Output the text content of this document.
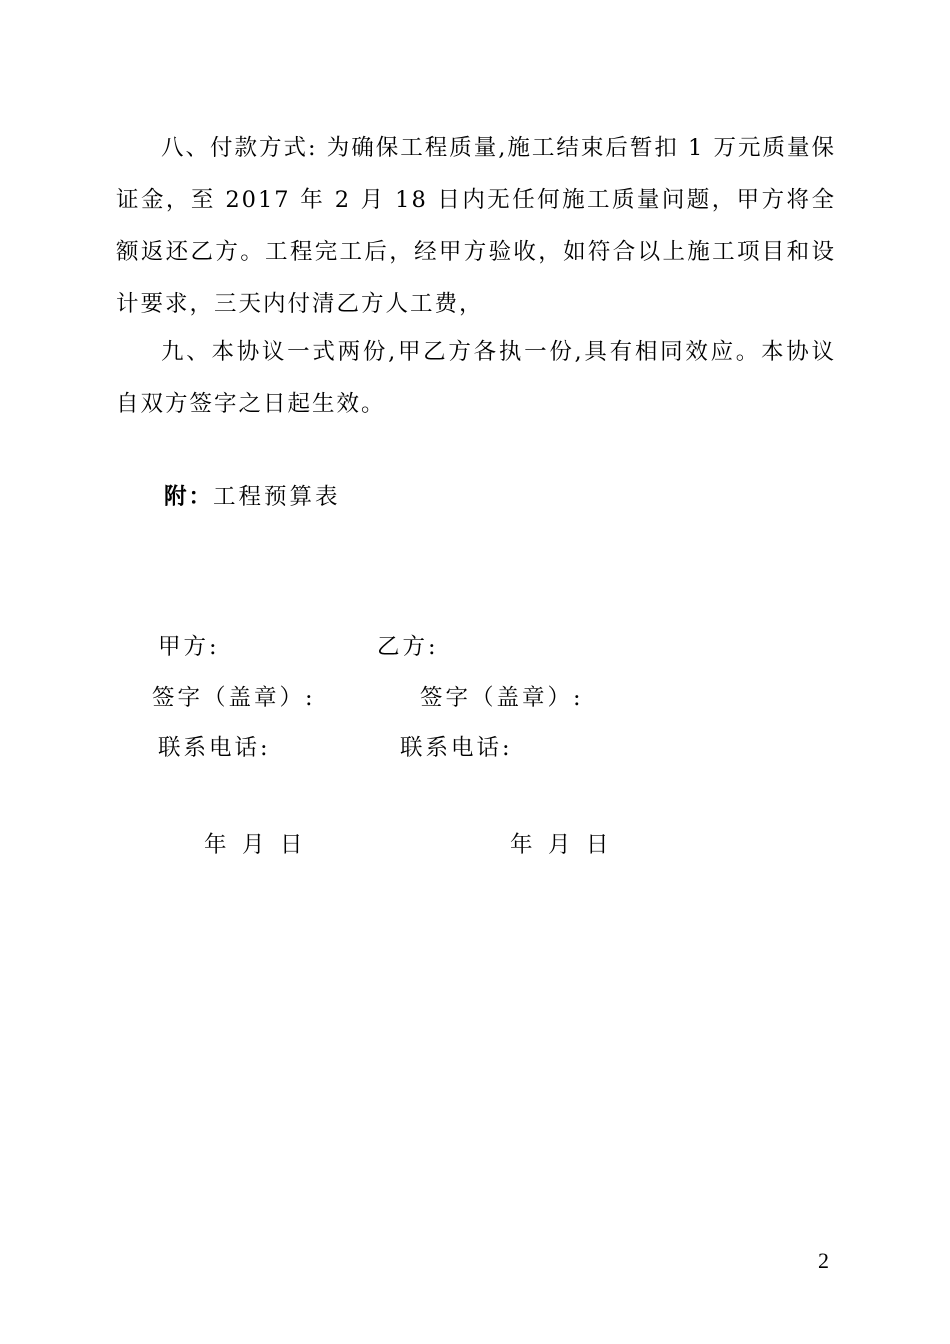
八、付款方式: 为确保工程质量,施工结束后暂扣 1 万元质量保证金，至 2017 年 2 月 18 日内无任何施工质量问题，甲方将全额返还乙方。工程完工后，经甲方验收，如符合以上施工项目和设计要求，三天内付清乙方人工费，

九、本协议一式两份,甲乙方各执一份,具有相同效应。本协议自双方签字之日起生效。

附：工程预算表
甲方:	乙方:
签字（盖章）:	签字（盖章）:
联系电话:	联系电话:
年 月 日	年 月 日
2
